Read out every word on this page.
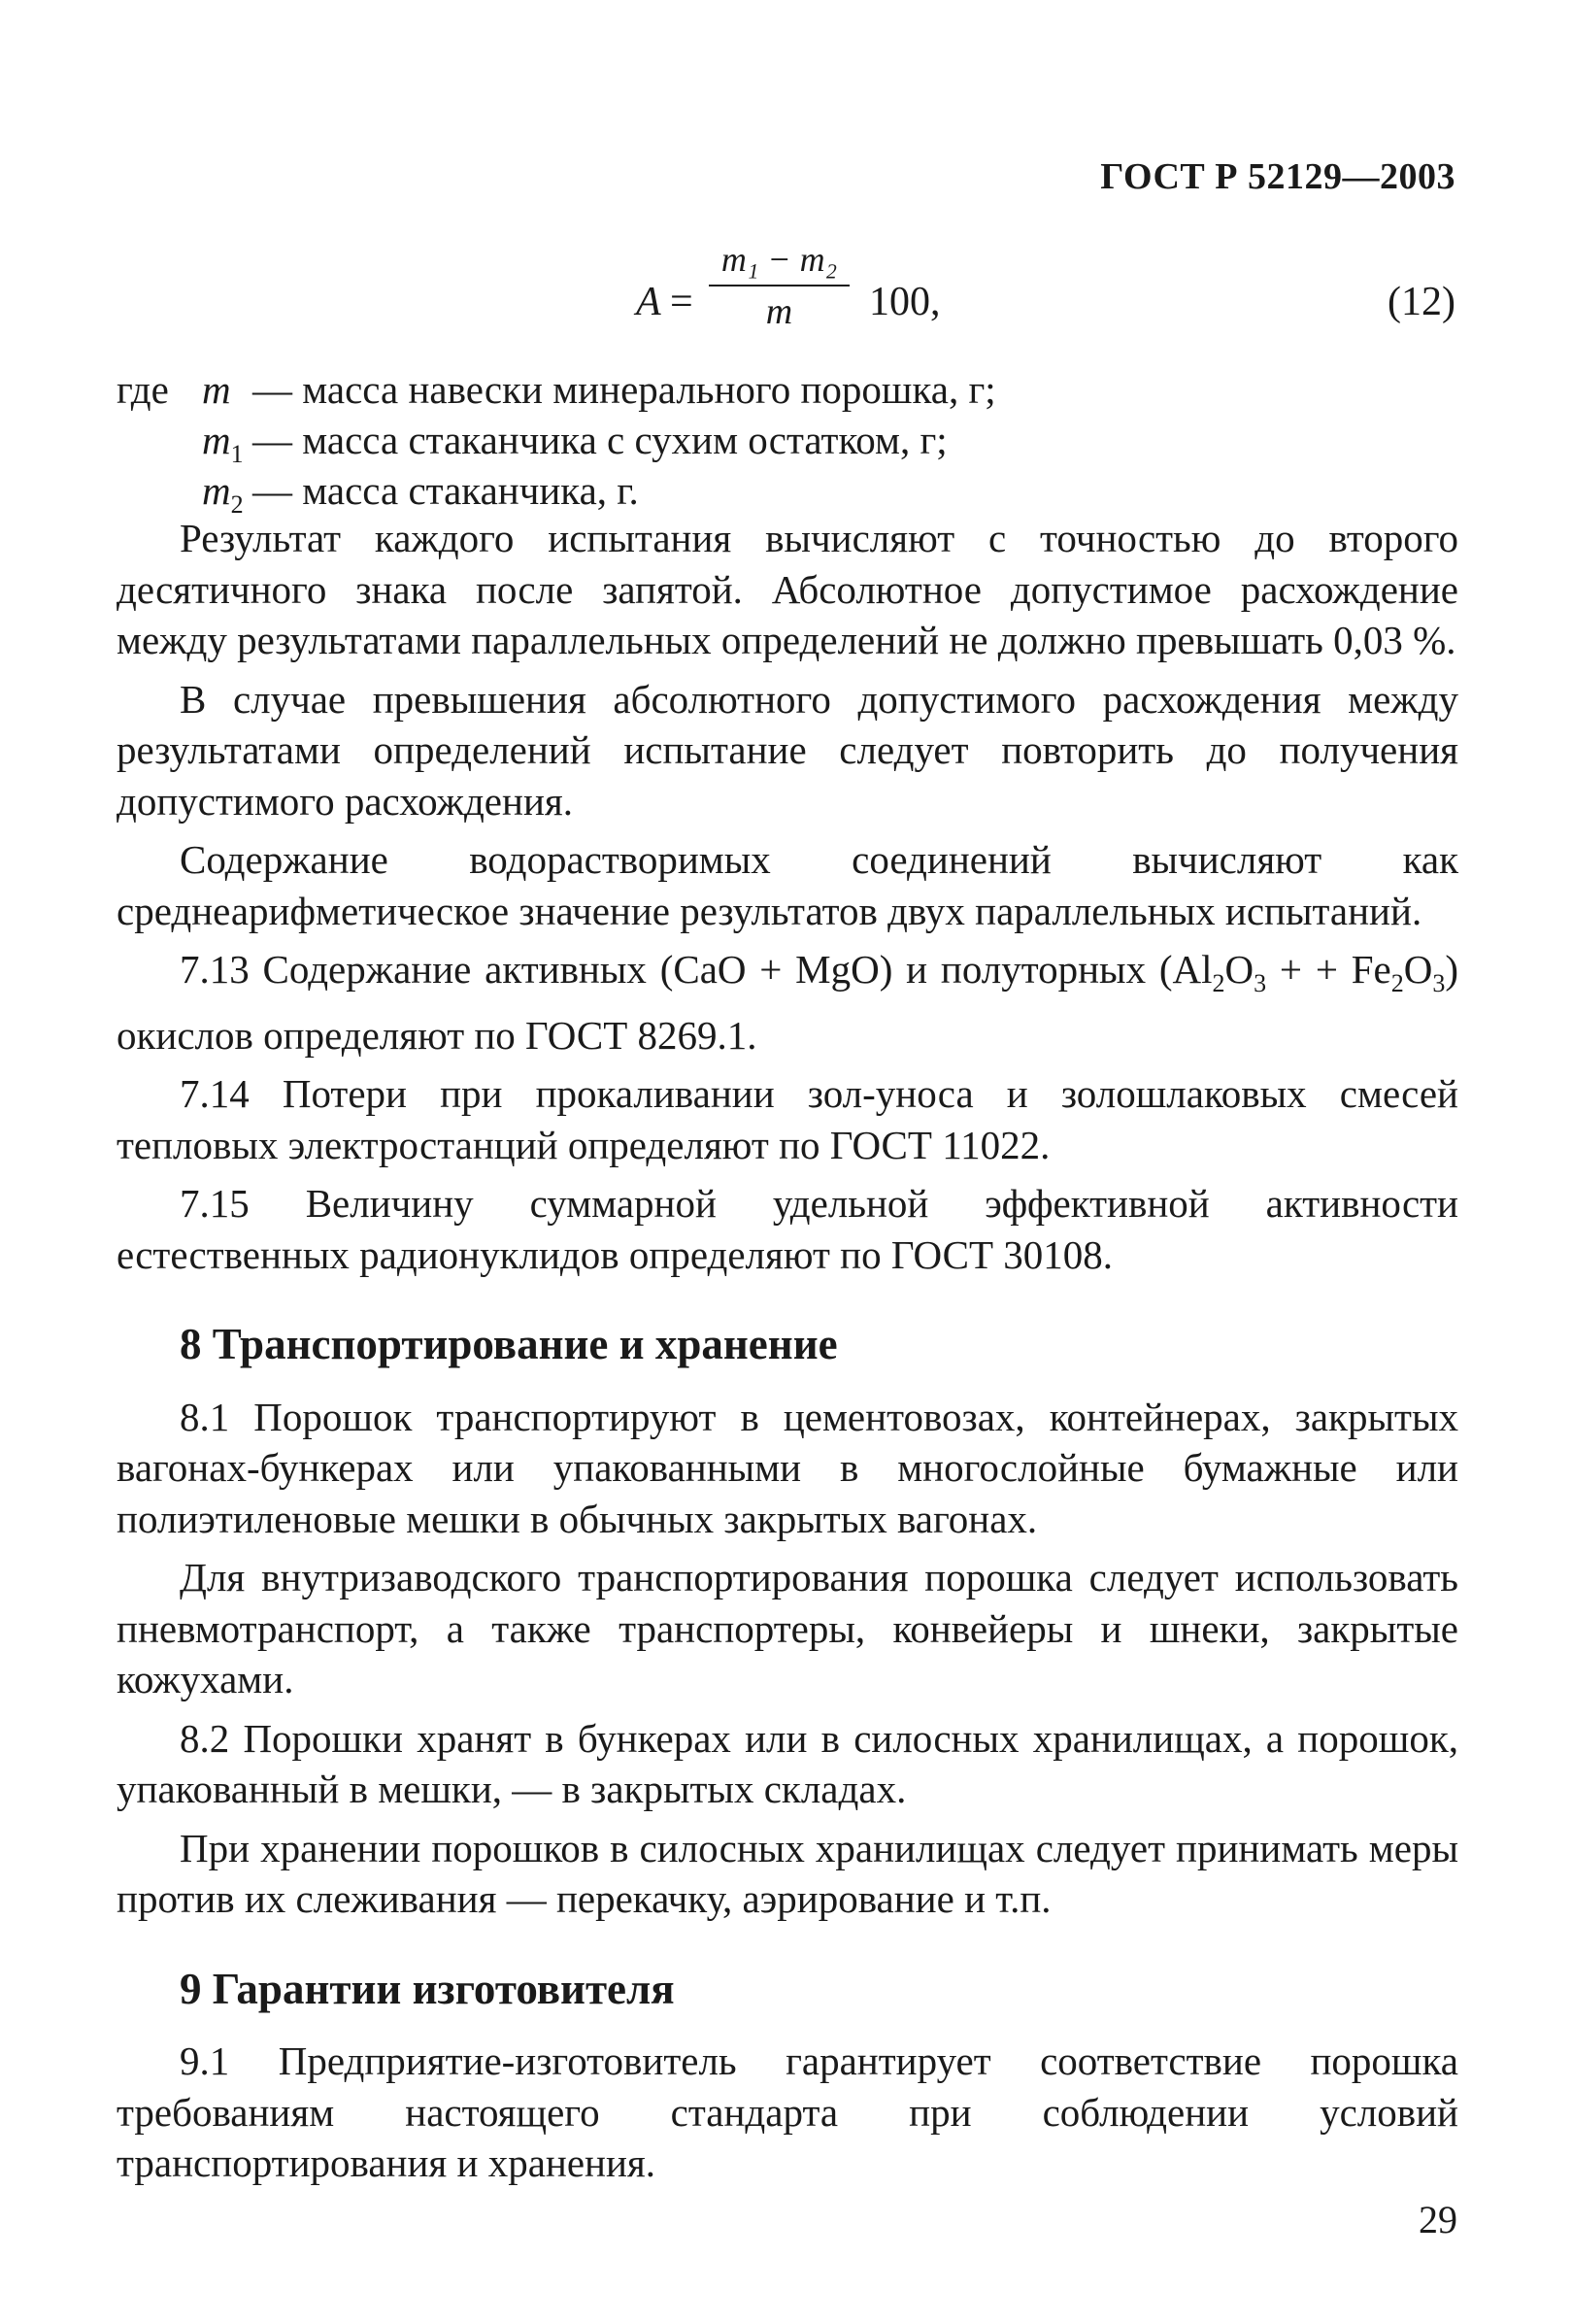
ГОСТ Р 52129—2003
A =
m₁ − m₂
m	100,	(12)
где m — масса навески минерального порошка, г;
$m_1$ — масса стаканчика с сухим остатком, г;
$m_2$ — масса стаканчика, г.

Результат каждого испытания вычисляют с точностью до второго десятичного знака после запятой. Абсолютное допустимое расхождение между результатами параллельных определений не должно превышать 0,03 %.

В случае превышения абсолютного допустимого расхождения между результатами определений испытание следует повторить до получения допустимого расхождения.

Содержание водорастворимых соединений вычисляют как среднеарифметическое значение результатов двух параллельных испытаний.

7.13 Содержание активных (CaO + MgO) и полуторных ($Al_2O_3$ + + $Fe_2O_3$) окислов определяют по ГОСТ 8269.1.

7.14 Потери при прокаливании зол-уноса и золошлаковых смесей тепловых электростанций определяют по ГОСТ 11022.

7.15 Величину суммарной удельной эффективной активности естественных радионуклидов определяют по ГОСТ 30108.

8 Транспортирование и хранение

8.1 Порошок транспортируют в цементовозах, контейнерах, закрытых вагонах-бункерах или упакованными в многослойные бумажные или полиэтиленовые мешки в обычных закрытых вагонах.

Для внутризаводского транспортирования порошка следует использовать пневмотранспорт, а также транспортеры, конвейеры и шнеки, закрытые кожухами.

8.2 Порошки хранят в бункерах или в силосных хранилищах, а порошок, упакованный в мешки, — в закрытых складах.

При хранении порошков в силосных хранилищах следует принимать меры против их слеживания — перекачку, аэрирование и т.п.

9 Гарантии изготовителя

9.1 Предприятие-изготовитель гарантирует соответствие порошка требованиям настоящего стандарта при соблюдении условий транспортирования и хранения.

29
